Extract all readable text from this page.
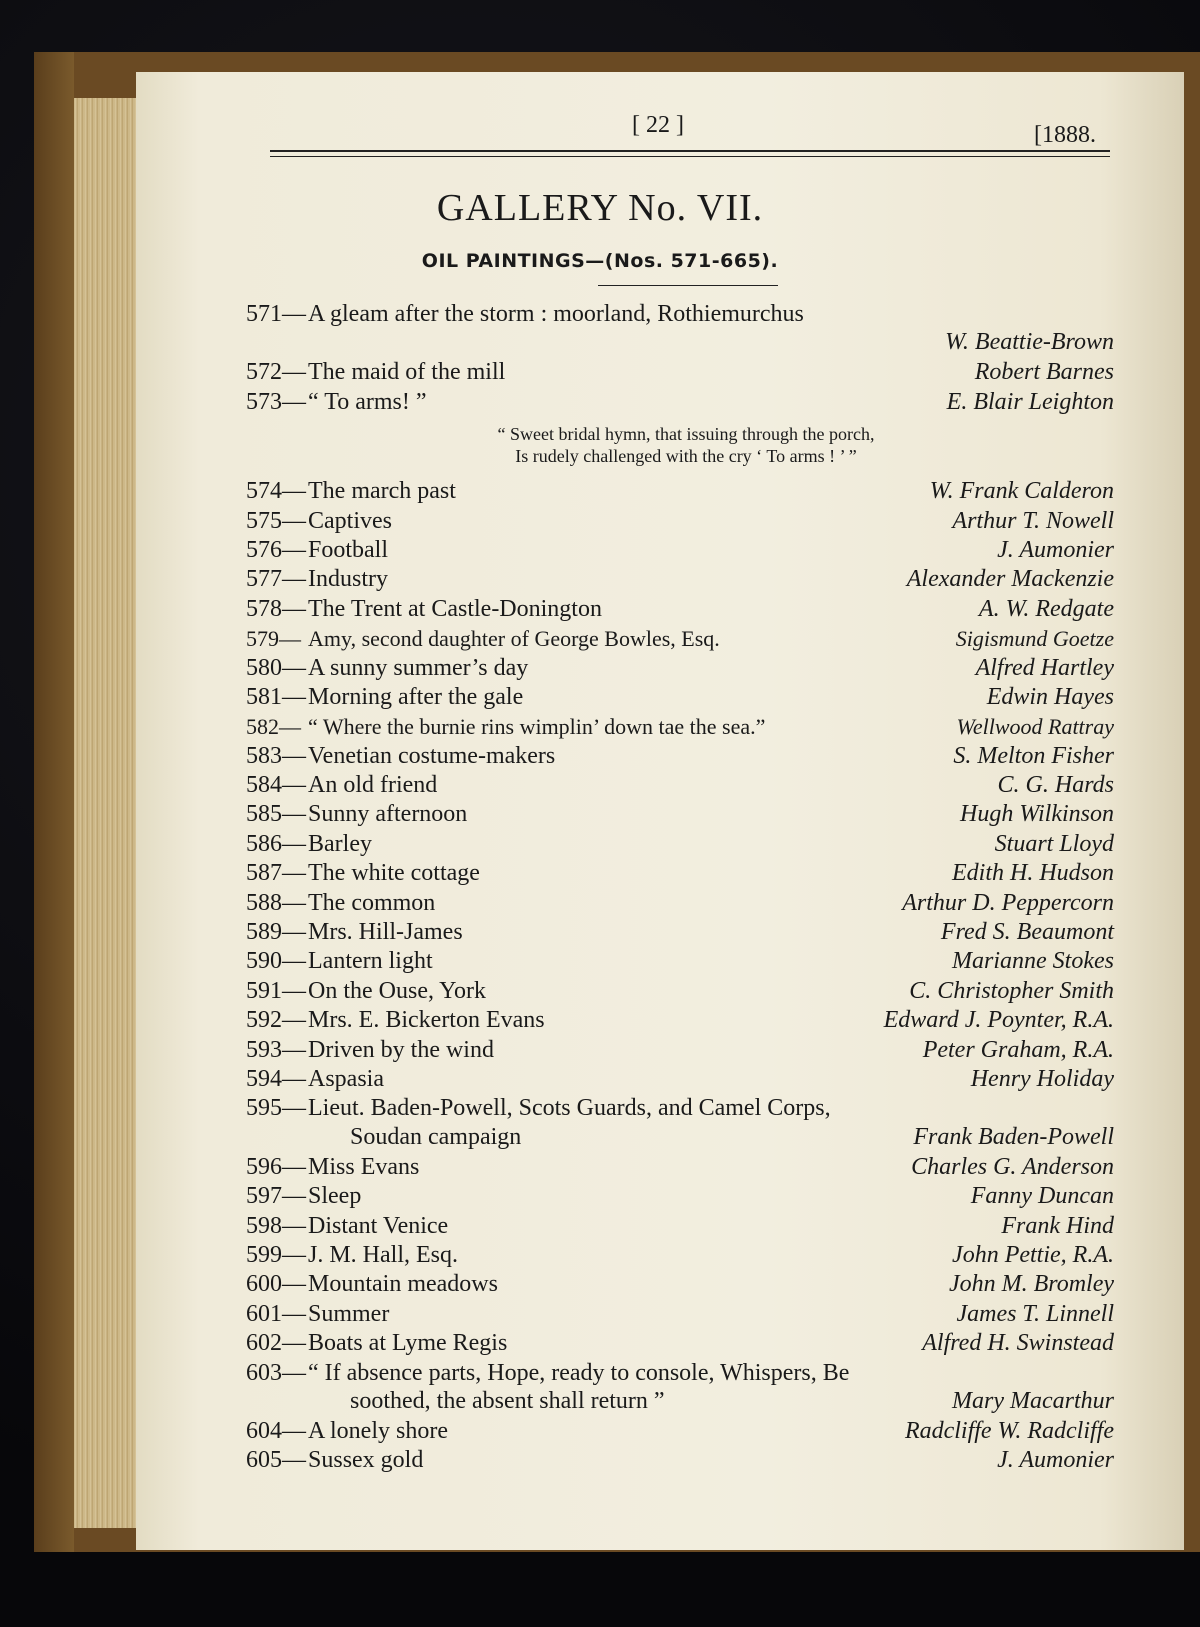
[ 22 ]	[1888.
GALLERY No. VII.
OIL PAINTINGS—(Nos. 571-665).
571—A gleam after the storm : moorland, Rothiemurchus
W. Beattie-Brown
572—The maid of the mill	Robert Barnes
573—“ To arms! ”	E. Blair Leighton
“ Sweet bridal hymn, that issuing through the porch,
Is rudely challenged with the cry ‘ To arms ! ’ ”
574—The march past	W. Frank Calderon
575—Captives	Arthur T. Nowell
576—Football	J. Aumonier
577—Industry	Alexander Mackenzie
578—The Trent at Castle-Donington	A. W. Redgate
579— Amy, second daughter of George Bowles, Esq.	Sigismund Goetze
580—A sunny summer’s day	Alfred Hartley
581—Morning after the gale	Edwin Hayes
582— “ Where the burnie rins wimplin’ down tae the sea.”	Wellwood Rattray
583—Venetian costume-makers	S. Melton Fisher
584—An old friend	C. G. Hards
585—Sunny afternoon	Hugh Wilkinson
586—Barley	Stuart Lloyd
587—The white cottage	Edith H. Hudson
588—The common	Arthur D. Peppercorn
589—Mrs. Hill-James	Fred S. Beaumont
590—Lantern light	Marianne Stokes
591—On the Ouse, York	C. Christopher Smith
592—Mrs. E. Bickerton Evans	Edward J. Poynter, R.A.
593—Driven by the wind	Peter Graham, R.A.
594—Aspasia	Henry Holiday
595—Lieut. Baden-Powell, Scots Guards, and Camel Corps,
Soudan campaign	Frank Baden-Powell
596—Miss Evans	Charles G. Anderson
597—Sleep	Fanny Duncan
598—Distant Venice	Frank Hind
599—J. M. Hall, Esq.	John Pettie, R.A.
600—Mountain meadows	John M. Bromley
601—Summer	James T. Linnell
602—Boats at Lyme Regis	Alfred H. Swinstead
603—“ If absence parts, Hope, ready to console, Whispers, Be
soothed, the absent shall return ”	Mary Macarthur
604—A lonely shore	Radcliffe W. Radcliffe
605—Sussex gold	J. Aumonier
